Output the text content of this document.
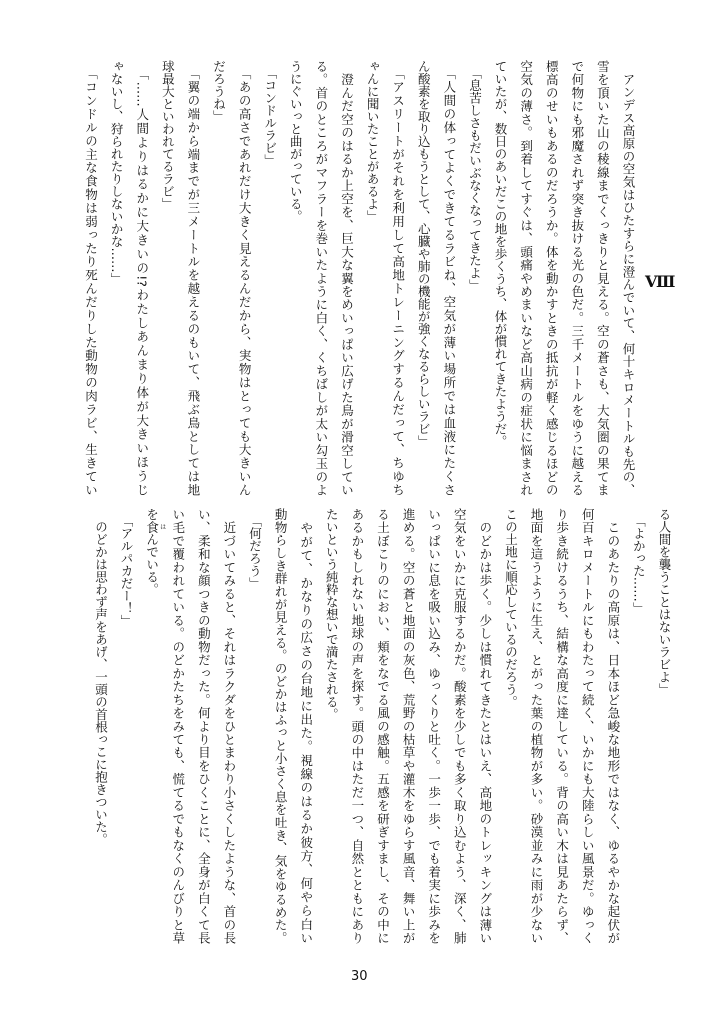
Ⅷ
　アンデス高原の空気はひたすらに澄んでいて、何十キロメートルも先の、
雪を頂いた山の稜線までくっきりと見える。空の蒼さも、大気圏の果てま
で何物にも邪魔されず突き抜ける光の色だ。三千メートルをゆうに越える
標高のせいもあるのだろうか。体を動かすときの抵抗が軽く感じるほどの
空気の薄さ。到着してすぐは、頭痛やめまいなど高山病の症状に悩まされ
ていたが、数日のあいだこの地を歩くうち、体が慣れてきたようだ。
　「息苦しさもだいぶなくなってきたよ」
　「人間の体ってよくできてるラビね、空気が薄い場所では血液にたくさ
ん酸素を取り込もうとして、心臓や肺の機能が強くなるらしいラビ」
　「アスリートがそれを利用して高地トレーニングするんだって、ちゆち
ゃんに聞いたことがあるよ」
　澄んだ空のはるか上空を、巨大な翼をめいっぱい広げた鳥が滑空してい
る。首のところがマフラーを巻いたように白く、くちばしが太い勾玉のよ
うにぐいっと曲がっている。
　「コンドルラビ」
　「あの高さであれだけ大きく見えるんだから、実物はとっても大きいん
だろうね」
　「翼の端から端までが三メートルを越えるのもいて、飛ぶ鳥としては地
球最大といわれてるラビ」
　「……人間よりはるかに大きいの!?わたしあんまり体が大きいほうじ
ゃないし、狩られたりしないかな……」
　「コンドルの主な食物は弱ったり死んだりした動物の肉ラビ、生きてい
る人間を襲うことはないラビよ」
　「よかった……」
　このあたりの高原は、日本ほど急峻な地形ではなく、ゆるやかな起伏が
何百キロメートルにもわたって続く、いかにも大陸らしい風景だ。ゆっく
り歩き続けるうち、結構な高度に達している。背の高い木は見あたらず、
地面を這うように生え、とがった葉の植物が多い。砂漠並みに雨が少ない
この土地に順応しているのだろう。
　のどかは歩く。少しは慣れてきたとはいえ、高地のトレッキングは薄い
空気をいかに克服するかだ。酸素を少しでも多く取り込むよう、深く、肺
いっぱいに息を吸い込み、ゆっくりと吐く。一歩一歩、でも着実に歩みを
進める。空の蒼と地面の灰色、荒野の枯草や灌木をゆらす風音、舞い上が
る土ぼこりのにおい、頬をなでる風の感触。五感を研ぎすまし、その中に
あるかもしれない地球の声を探す。頭の中はただ一つ、自然とともにあり
たいという純粋な想いで満たされる。
　やがて、かなりの広さの台地に出た。視線のはるか彼方、何やら白い
動物らしき群れが見える。のどかはふっと小さく息を吐き、気をゆるめた。
　「何だろう」
　近づいてみると、それはラクダをひとまわり小さくしたような、首の長
い、柔和な顔つきの動物だった。何より目をひくことに、全身が白くて長
い毛で覆われている。のどかたちをみても、慌てるでもなくのんびりと草
を食 はんでいる。
　「アルパカだー！」
　のどかは思わず声をあげ、一頭の首根っこに抱きついた。
30
